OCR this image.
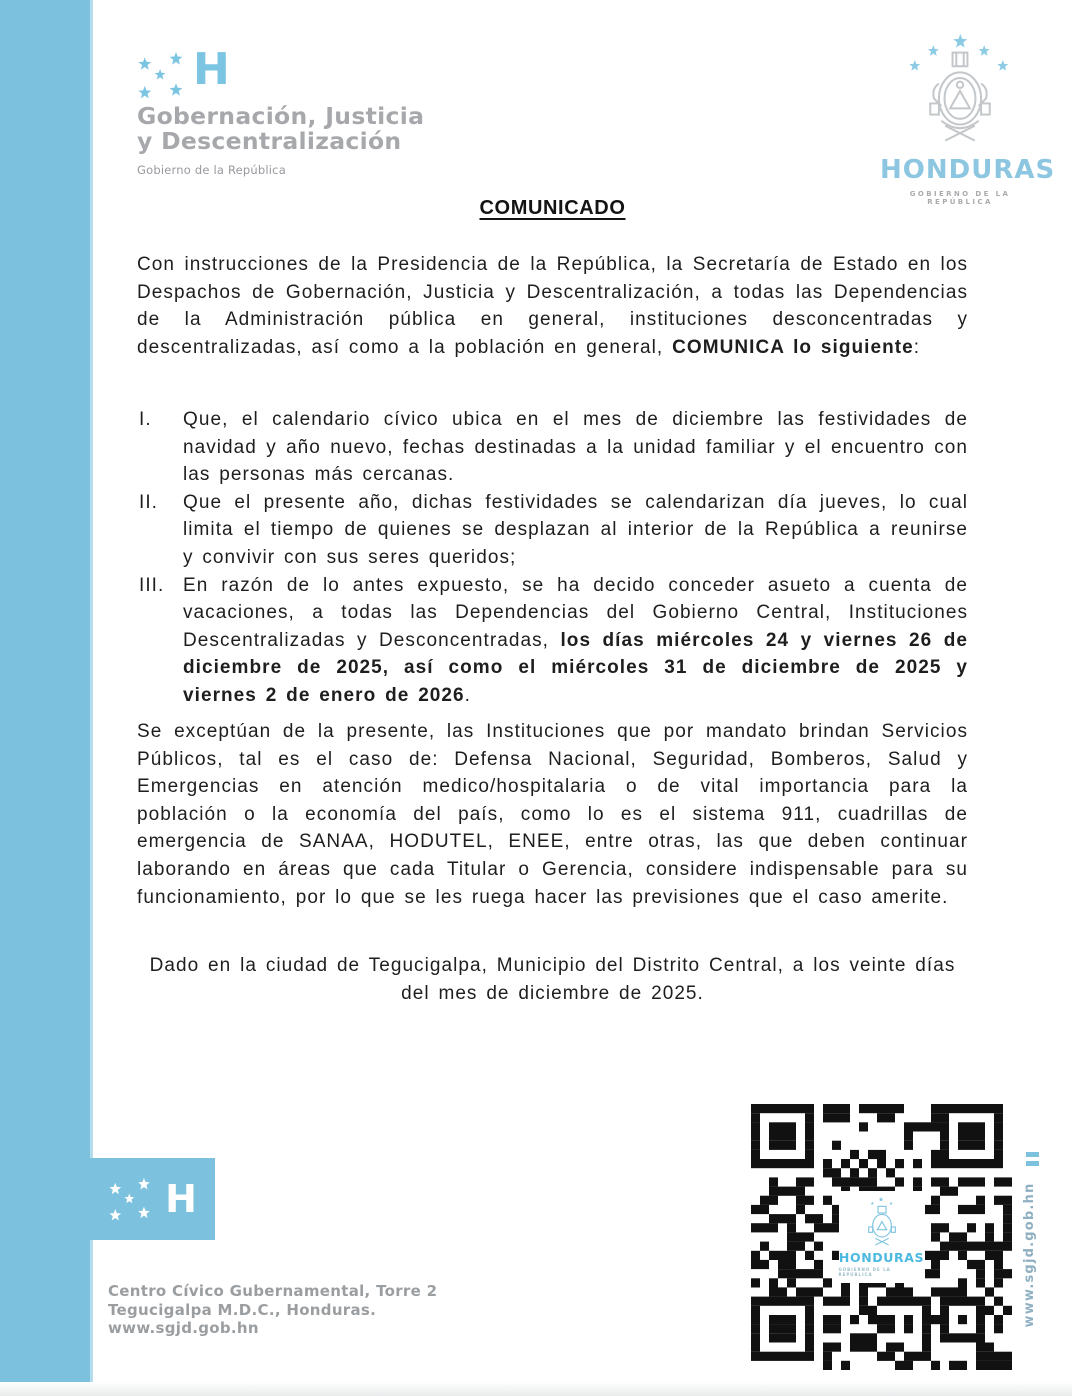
H
Gobernación, Justicia
y Descentralización
Gobierno de la República	HONDURAS
GOBIERNO DE LA REPÚBLICA
COMUNICADO

Con instrucciones de la Presidencia de la República, la Secretaría de Estado en los Despachos de Gobernación, Justicia y Descentralización, a todas las Dependencias de la Administración pública en general, instituciones desconcentradas y descentralizadas, así como a la población en general, COMUNICA lo siguiente:

I.	Que, el calendario cívico ubica en el mes de diciembre las festividades de navidad y año nuevo, fechas destinadas a la unidad familiar y el encuentro con las personas más cercanas.

II.	Que el presente año, dichas festividades se calendarizan día jueves, lo cual limita el tiempo de quienes se desplazan al interior de la República a reunirse y convivir con sus seres queridos;

III. En razón de lo antes expuesto, se ha decido conceder asueto a cuenta de vacaciones, a todas las Dependencias del Gobierno Central, Instituciones Descentralizadas y Desconcentradas, los días miércoles 24 y viernes 26 de diciembre de 2025, así como el miércoles 31 de diciembre de 2025 y viernes 2 de enero de 2026.

Se exceptúan de la presente, las Instituciones que por mandato brindan Servicios Públicos, tal es el caso de: Defensa Nacional, Seguridad, Bomberos, Salud y Emergencias en atención medico/hospitalaria o de vital importancia para la población o la economía del país, como lo es el sistema 911, cuadrillas de emergencia de SANAA, HODUTEL, ENEE, entre otras, las que deben continuar laborando en áreas que cada Titular o Gerencia, considere indispensable para su funcionamiento, por lo que se les ruega hacer las previsiones que el caso amerite.

Dado en la ciudad de Tegucigalpa, Municipio del Distrito Central, a los veinte días del mes de diciembre de 2025.

H
Centro Cívico Gubernamental, Torre 2
Tegucigalpa M.D.C., Honduras.
www.sgjd.gob.hn
HONDURAS
GOBIERNO DE LA REPÚBLICA	www.sgjd.gob.hn
